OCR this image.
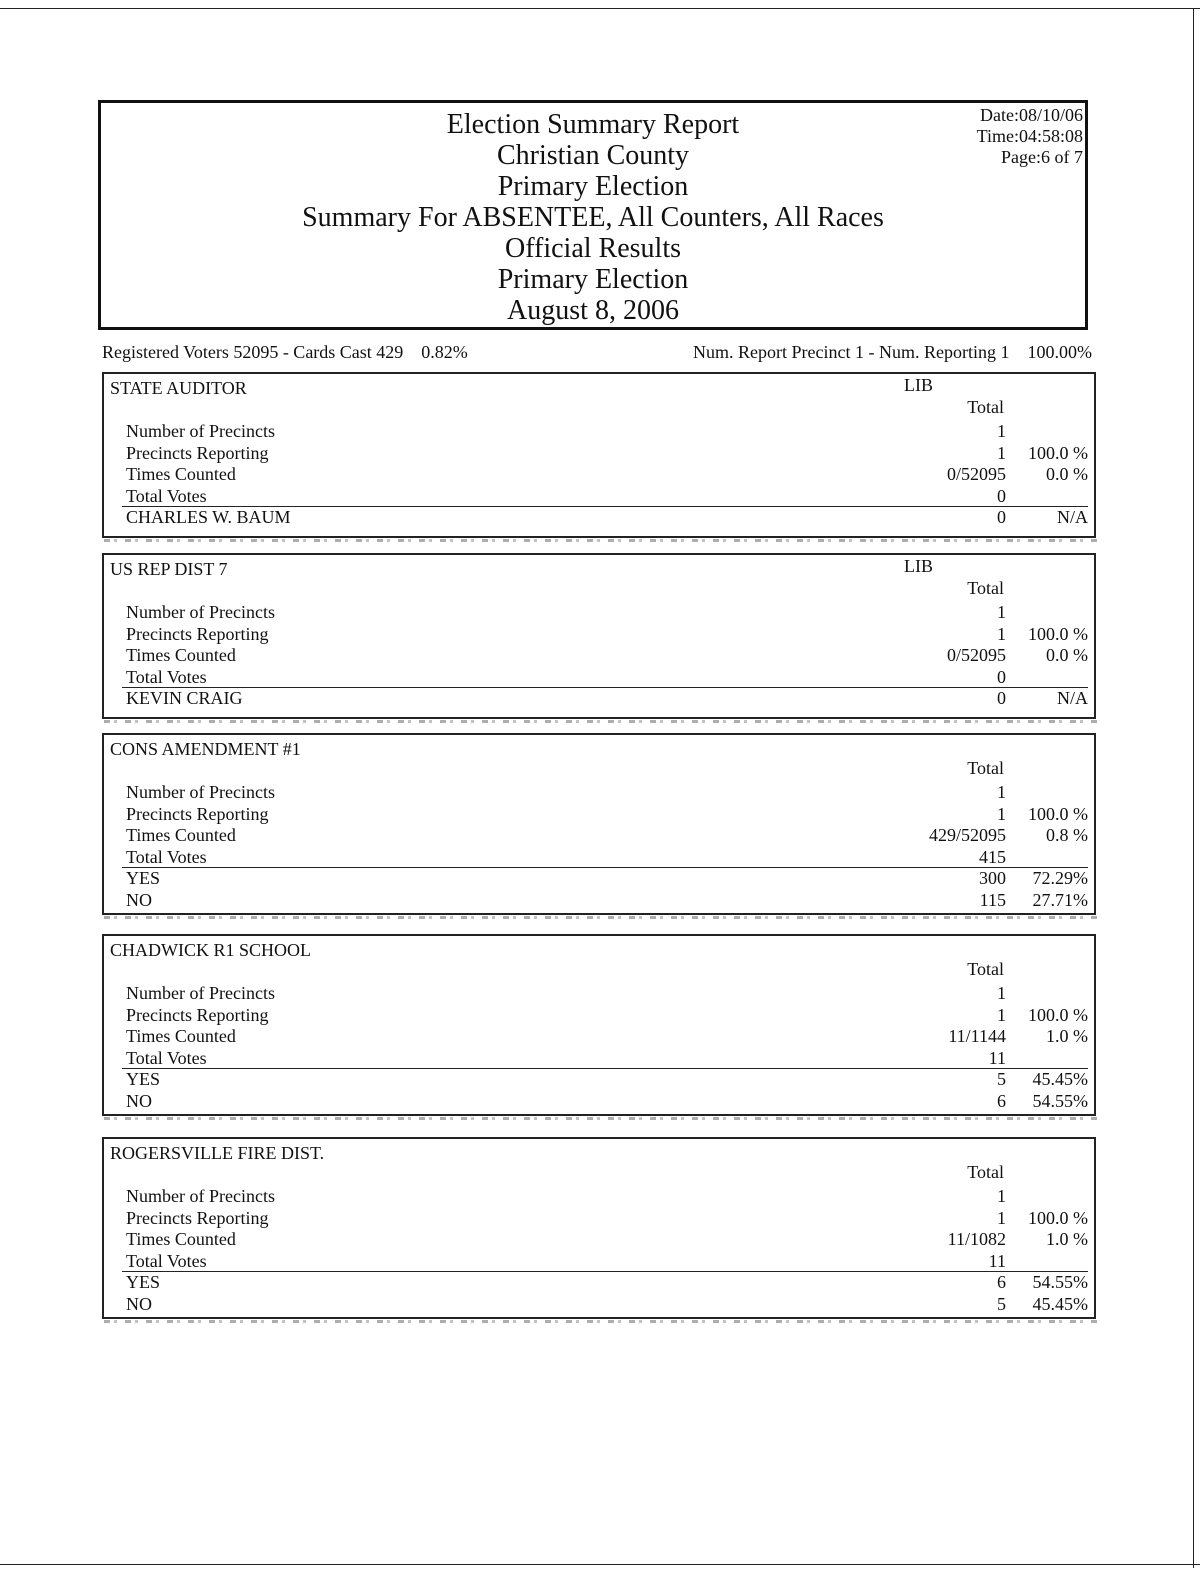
Election Summary Report
Christian County
Primary Election
Summary For ABSENTEE, All Counters, All Races
Official Results
Primary Election
August 8, 2006
Date:08/10/06
Time:04:58:08
Page:6 of 7
Registered Voters 52095 - Cards Cast 429    0.82%	Num. Report Precinct 1 - Num. Reporting 1    100.00%
STATE AUDITOR	LIB
Total
Number of Precincts	1
Precincts Reporting	1 100.0 %
Times Counted	0/52095 0.0 %
Total Votes	0
CHARLES W. BAUM	0	N/A
US REP DIST 7	LIB
Total
Number of Precincts	1
Precincts Reporting	1 100.0 %
Times Counted	0/52095 0.0 %
Total Votes	0
KEVIN CRAIG	0	N/A
CONS AMENDMENT #1
Total
Number of Precincts	1
Precincts Reporting	1 100.0 %
Times Counted	429/52095 0.8 %
Total Votes	415
YES	300 72.29%
NO	115 27.71%
CHADWICK R1 SCHOOL
Total
Number of Precincts	1
Precincts Reporting	1 100.0 %
Times Counted	11/1144 1.0 %
Total Votes	11
YES	5 45.45%
NO	6 54.55%
ROGERSVILLE FIRE DIST.
Total
Number of Precincts	1
Precincts Reporting	1 100.0 %
Times Counted	11/1082 1.0 %
Total Votes	11
YES	6 54.55%
NO	5 45.45%
